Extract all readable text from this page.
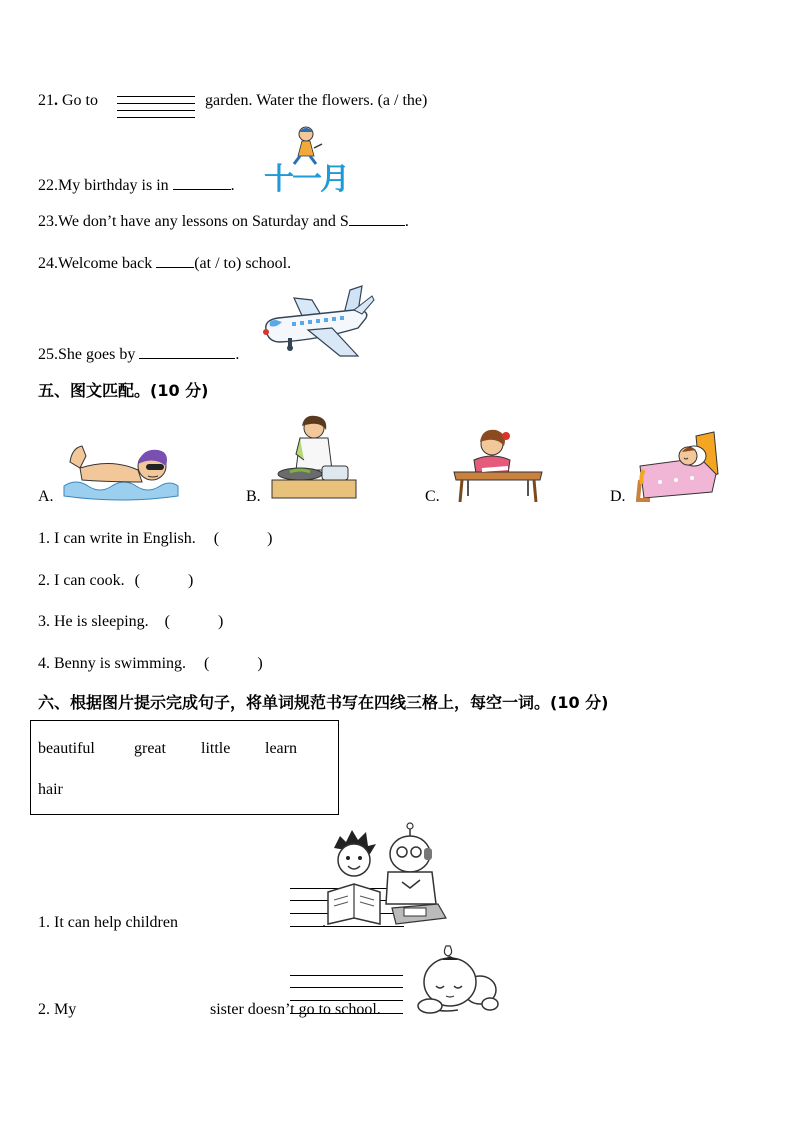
21. Go to
	garden. Water the flowers. (a / the)
22.My birthday is in	. 十一月
23.We don’t have any lessons on Saturday and S	.
24.Welcome back	(at / to) school.
25.She goes by	.
五、图文匹配。(10 分)
A.	B.	C.	D.
1. I can write in English. (　　　)
2. I can cook. (　　　)
3. He is sleeping. (　　　)
4. Benny is swimming. (　　　)
六、根据图片提示完成句子，将单词规范书写在四线三格上，每空一词。(10 分)
beautiful great little learn
hair
1. It can help children
	.
2. My	sister doesn’t go to school.
